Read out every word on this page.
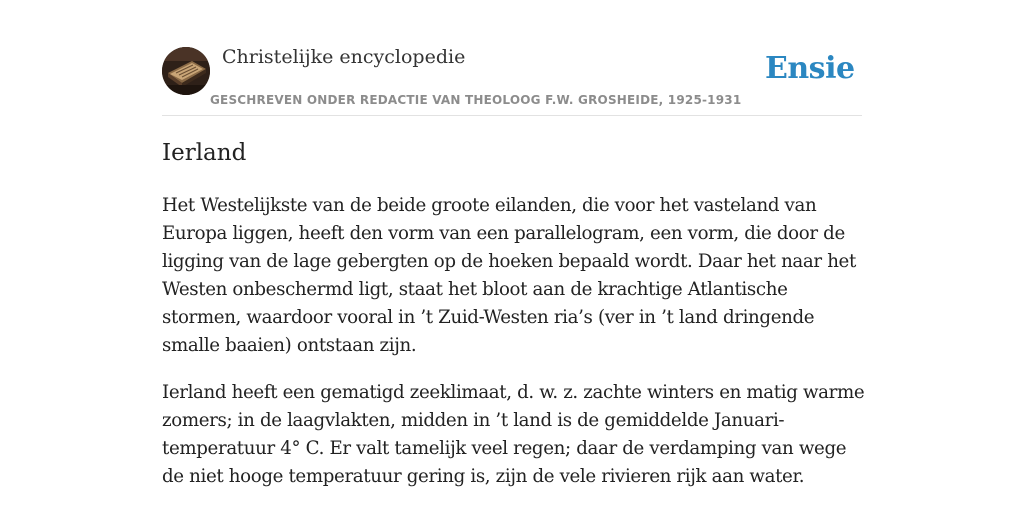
Christelijke encyclopedie
GESCHREVEN ONDER REDACTIE VAN THEOLOOG F.W. GROSHEIDE, 1925-1931
Ensie
Ierland

Het Westelijkste van de beide groote eilanden, die voor het vasteland van Europa liggen, heeft den vorm van een parallelogram, een vorm, die door de ligging van de lage gebergten op de hoeken bepaald wordt. Daar het naar het Westen onbeschermd ligt, staat het bloot aan de krachtige Atlantische stormen, waardoor vooral in ’t Zuid-Westen ria’s (ver in ’t land dringende smalle baaien) ontstaan zijn.

Ierland heeft een gematigd zeeklimaat, d. w. z. zachte winters en matig warme zomers; in de laagvlakten, midden in ’t land is de gemiddelde Januaritemperatuur 4° C. Er valt tamelijk veel regen; daar de verdamping van wege de niet hooge temperatuur gering is, zijn de vele rivieren rijk aan water.
